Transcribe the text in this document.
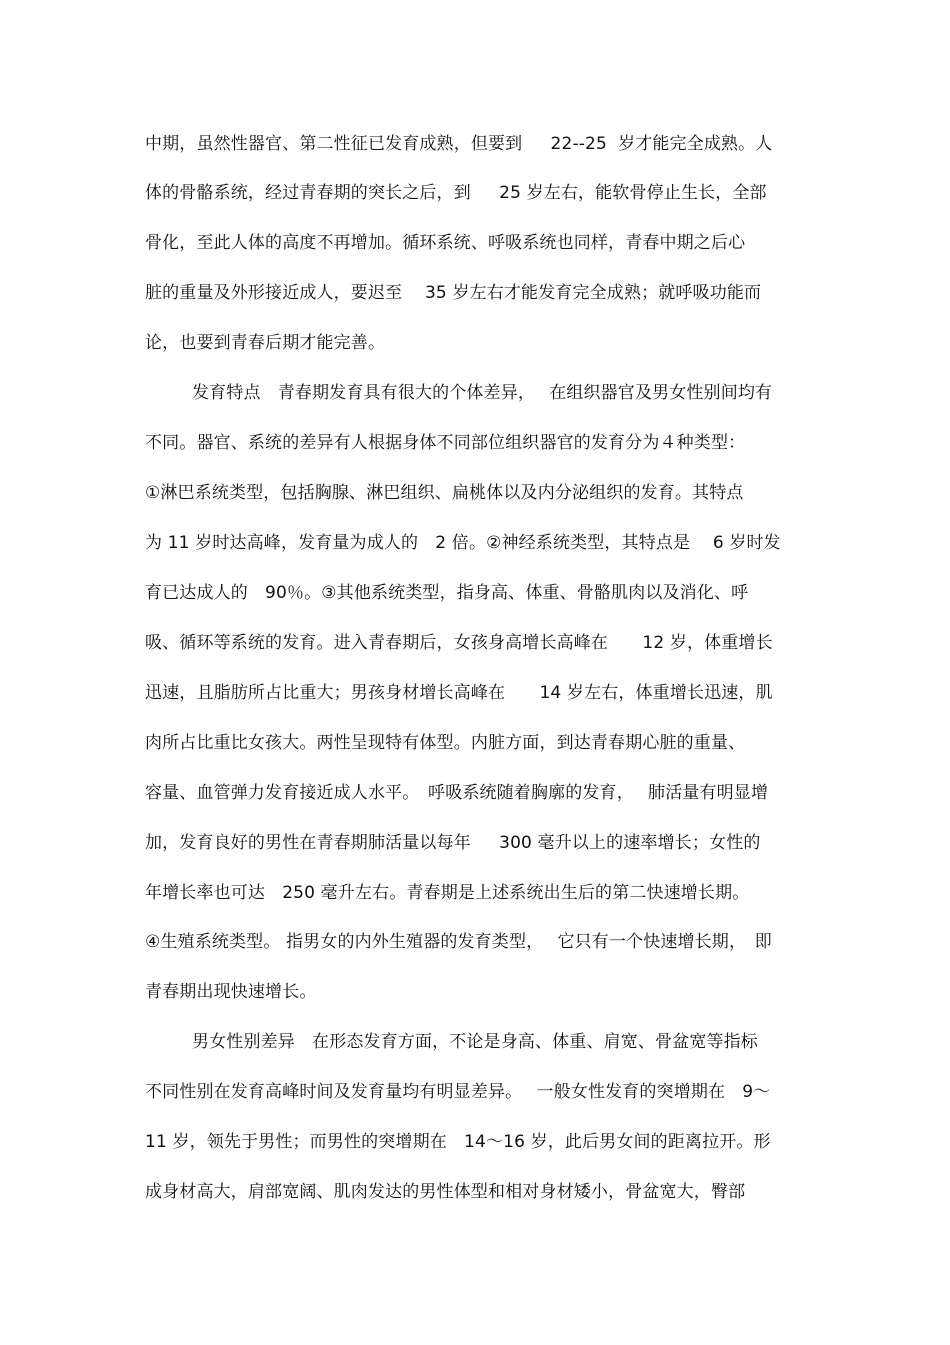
中期，虽然性器官、第二性征已发育成熟，但要到　  22--25  岁才能完全成熟。人
体的骨骼系统，经过青春期的突长之后，到　  25 岁左右，能软骨停止生长，全部
骨化，至此人体的高度不再增加。循环系统、呼吸系统也同样，青春中期之后心
脏的重量及外形接近成人，要迟至　 35 岁左右才能发育完全成熟；就呼吸功能而
论，也要到青春后期才能完善。
发育特点　青春期发育具有很大的个体差异，　 在组织器官及男女性别间均有
不同。器官、系统的差异有人根据身体不同部位组织器官的发育分为４种类型：
①淋巴系统类型，包括胸腺、淋巴组织、扁桃体以及内分泌组织的发育。其特点
为 11 岁时达高峰，发育量为成人的　2 倍。②神经系统类型，其特点是　 6 岁时发
育已达成人的　90％。③其他系统类型，指身高、体重、骨骼肌肉以及消化、呼
吸、循环等系统的发育。进入青春期后，女孩身高增长高峰在　　12 岁，体重增长
迅速，且脂肪所占比重大；男孩身材增长高峰在　　14 岁左右，体重增长迅速，肌
肉所占比重比女孩大。两性呈现特有体型。内脏方面，到达青春期心脏的重量、
容量、血管弹力发育接近成人水平。　呼吸系统随着胸廓的发育，　 肺活量有明显增
加，发育良好的男性在青春期肺活量以每年　  300 毫升以上的速率增长；女性的
年增长率也可达　250 毫升左右。青春期是上述系统出生后的第二快速增长期。
④生殖系统类型。 指男女的内外生殖器的发育类型，　 它只有一个快速增长期，　即
青春期出现快速增长。
男女性别差异　在形态发育方面，不论是身高、体重、肩宽、骨盆宽等指标
不同性别在发育高峰时间及发育量均有明显差异。　 一般女性发育的突增期在　9～
11 岁，领先于男性；而男性的突增期在　14～16 岁，此后男女间的距离拉开。形
成身材高大，肩部宽阔、肌肉发达的男性体型和相对身材矮小，骨盆宽大，臀部
